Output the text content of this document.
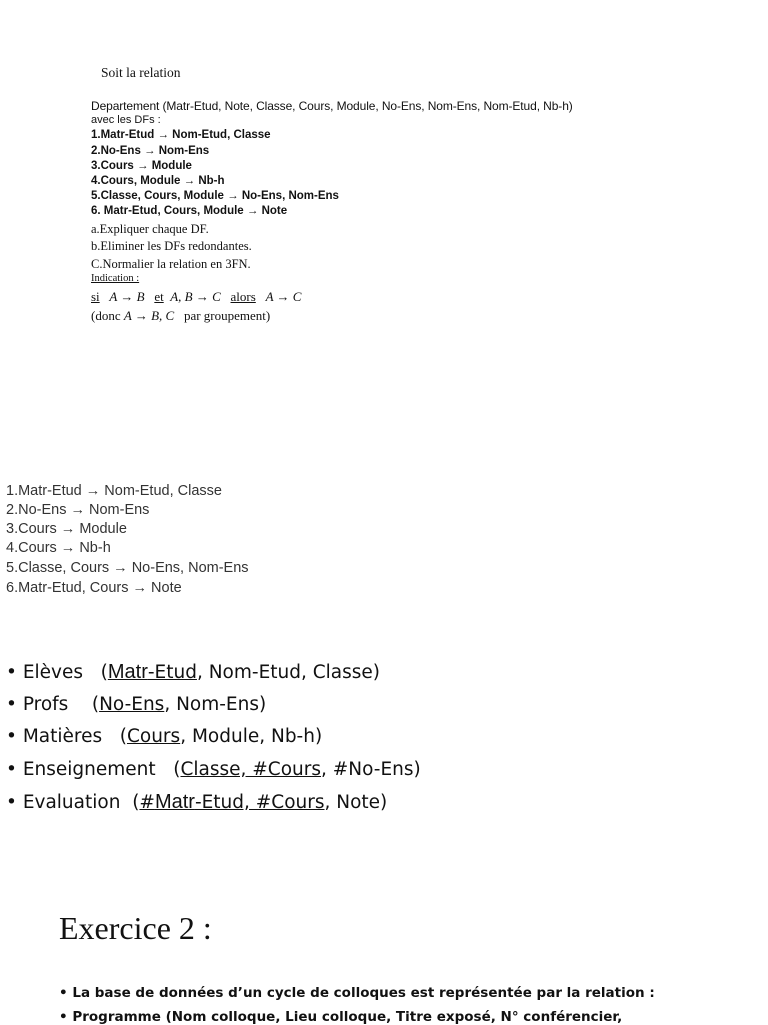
Soit la relation
Departement (Matr-Etud, Note, Classe, Cours, Module, No-Ens, Nom-Ens, Nom-Etud, Nb-h)
avec les DFs :
1.Matr-Etud → Nom-Etud, Classe
2.No-Ens → Nom-Ens
3.Cours → Module
4.Cours, Module → Nb-h
5.Classe, Cours, Module → No-Ens, Nom-Ens
6. Matr-Etud, Cours, Module → Note
a.Expliquer chaque DF.
b.Eliminer les DFs redondantes.
C.Normalier la relation en 3FN.
Indication :
si A → B et A, B → C alors A → C
(donc A → B, C par groupement)
1.Matr-Etud → Nom-Etud, Classe
2.No-Ens → Nom-Ens
3.Cours → Module
4.Cours → Nb-h
5.Classe, Cours → No-Ens, Nom-Ens
6.Matr-Etud, Cours → Note
• Elèves   (Matr-Etud, Nom-Etud, Classe)
• Profs    (No-Ens, Nom-Ens)
• Matières   (Cours, Module, Nb-h)
• Enseignement   (Classe, #Cours, #No-Ens)
• Evaluation  (#Matr-Etud, #Cours, Note)
Exercice 2 :
• La base de données d’un cycle de colloques est représentée par la relation :
• Programme (Nom colloque, Lieu colloque, Titre exposé, N° conférencier,
